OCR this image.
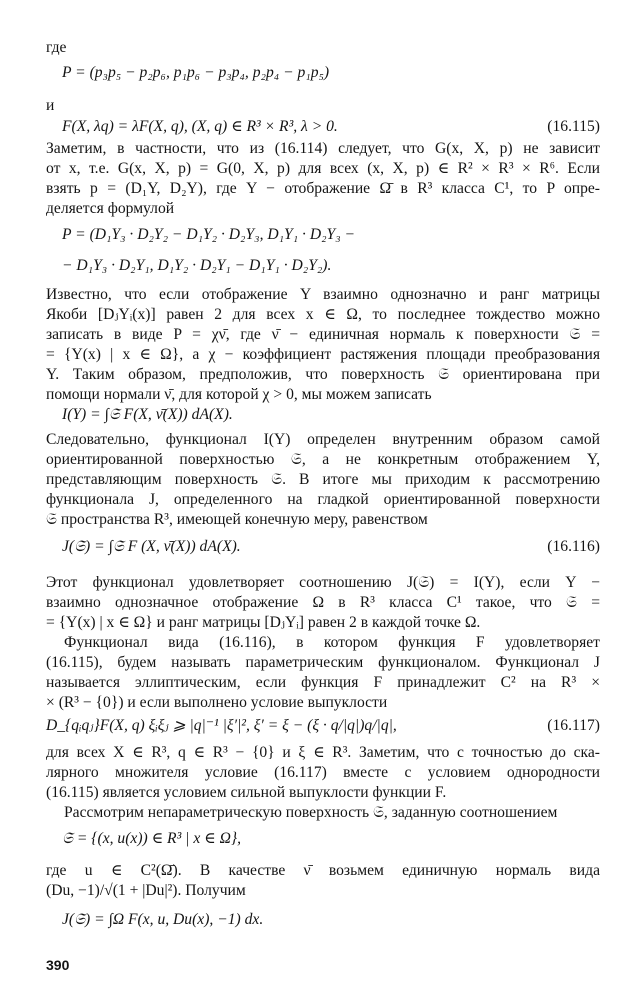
где
P = (p₃p₅ − p₂p₆, p₁p₆ − p₃p₄, p₂p₄ − p₁p₅)
и
F(X, λq) = λF(X, q), (X, q) ∈ R³ × R³, λ > 0.	(16.115)
Заметим, в частности, что из (16.114) следует, что G(x, X, p) не зависит
от x, т.е. G(x, X, p) = G(0, X, p) для всех (x, X, p) ∈ R² × R³ × R⁶. Если
взять p = (D₁Y, D₂Y), где Y − отображение Ω̄ в R³ класса C¹, то P опре-
деляется формулой
P = (D₁Y₃ · D₂Y₂ − D₁Y₂ · D₂Y₃, D₁Y₁ · D₂Y₃ −
− D₁Y₃ · D₂Y₁, D₁Y₂ · D₂Y₁ − D₁Y₁ · D₂Y₂).
Известно, что если отображение Y взаимно однозначно и ранг матрицы
Якоби [DⱼYᵢ(x)] равен 2 для всех x ∈ Ω, то последнее тождество можно
записать в виде P = χν̄, где ν̄ − единичная нормаль к поверхности 𝔖 =
= {Y(x) | x ∈ Ω}, а χ − коэффициент растяжения площади преобразования
Y. Таким образом, предположив, что поверхность 𝔖 ориентирована при
помощи нормали ν̄, для которой χ > 0, мы можем записать
I(Y) = ∫𝔖 F(X, ν̄(X)) dA(X).
Следовательно, функционал I(Y) определен внутренним образом самой
ориентированной поверхностью 𝔖, а не конкретным отображением Y,
представляющим поверхность 𝔖. В итоге мы приходим к рассмотрению
функционала J, определенного на гладкой ориентированной поверхности
𝔖 пространства R³, имеющей конечную меру, равенством
J(𝔖) = ∫𝔖 F (X, ν̄(X)) dA(X).	(16.116)
Этот функционал удовлетворяет соотношению J(𝔖) = I(Y), если Y −
взаимно однозначное отображение Ω в R³ класса C¹ такое, что 𝔖 =
= {Y(x) | x ∈ Ω} и ранг матрицы [DⱼYᵢ] равен 2 в каждой точке Ω.
Функционал вида (16.116), в котором функция F удовлетворяет
(16.115), будем называть параметрическим функционалом. Функционал J
называется эллиптическим, если функция F принадлежит C² на R³ ×
× (R³ − {0}) и если выполнено условие выпуклости
D_{qᵢqⱼ}F(X, q) ξᵢξⱼ ⩾ |q|⁻¹ |ξ′|², ξ′ = ξ − (ξ · q/|q|)q/|q|,	(16.117)
для всех X ∈ R³, q ∈ R³ − {0} и ξ ∈ R³. Заметим, что с точностью до ска-
лярного множителя условие (16.117) вместе с условием однородности
(16.115) является условием сильной выпуклости функции F.
Рассмотрим непараметрическую поверхность 𝔖, заданную соотношением
𝔖 = {(x, u(x)) ∈ R³ | x ∈ Ω},
где u ∈ C²(Ω̄). В качестве ν̄ возьмем единичную нормаль вида
(Du, −1)/√(1 + |Du|²). Получим
J(𝔖) = ∫Ω F(x, u, Du(x), −1) dx.
390
